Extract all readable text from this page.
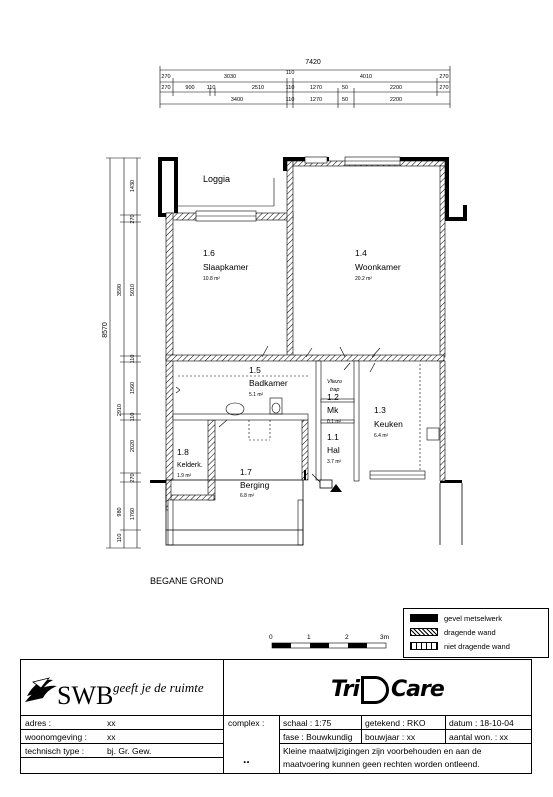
7420
270	3030
110
4010	270
270	900 110	2510	110	1270	50	2200	270
3400	110	1270	50	2200
8570
1430
270
5010
110
1560
110
2020
270
1760
3590
2910
980
110
Loggia
1.6
Slaapkamer
10.8 m²
1.4
Woonkamer
20.2 m²
1.5
Badkamer
5.1 m²
Vliezo
trap
1.2
Mk
0.1 m²
1.3
Keuken
6.4 m²
1.1
Hal
3.7 m²
1.8
Kelderk.
1.9 m²	1.7
Berging
6.8 m²
BEGANE GROND
0	1	2	3m
gevel metselwerk
dragende wand
niet dragende wand
SWB geeft je de ruimte	Tri Care
adres :	xx
woonomgeving : xx
technisch type :	bj. Gr. Gew.
complex :
..
schaal : 1:75	getekend : RKO	datum : 18-10-04
fase : Bouwkundig bouwjaar : xx	aantal won. : xx
Kleine maatwijzigingen zijn voorbehouden en aan de
maatvoering kunnen geen rechten worden ontleend.
